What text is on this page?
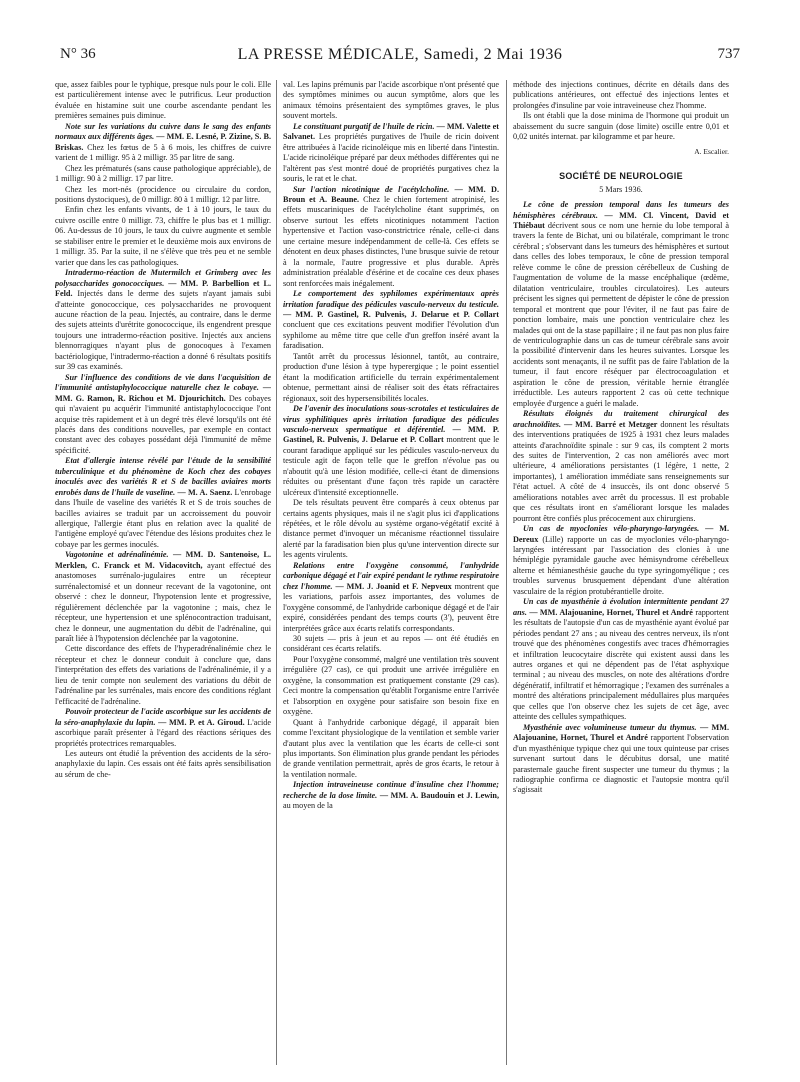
N° 36	LA PRESSE MÉDICALE, Samedi, 2 Mai 1936	737

que, assez faibles pour le typhique, presque nuls pour le coli. Elle est particulièrement intense avec le putrificus. Leur production évaluée en histamine suit une courbe ascendante pendant les premières semaines puis diminue.

Note sur les variations du cuivre dans le sang des enfants normaux aux différents âges. — MM. E. Lesné, P. Zizine, S. B. Briskas. Chez les fœtus de 5 à 6 mois, les chiffres de cuivre varient de 1 milligr. 95 à 2 milligr. 35 par litre de sang.

Chez les prématurés (sans cause pathologique appréciable), de 1 milligr. 90 à 2 milligr. 17 par litre.

Chez les mort-nés (procidence ou circulaire du cordon, positions dystociques), de 0 milligr. 80 à 1 milligr. 12 par litre.

Enfin chez les enfants vivants, de 1 à 10 jours, le taux du cuivre oscille entre 0 milligr. 73, chiffre le plus bas et 1 milligr. 06. Au-dessus de 10 jours, le taux du cuivre augmente et semble se stabiliser entre le premier et le deuxième mois aux environs de 1 milligr. 35. Par la suite, il ne s'élève que très peu et ne semble varier que dans les cas pathologiques.

Intradermo-réaction de Mutermilch et Grimberg avec les polysaccharides gonococciques. — MM. P. Barbellion et L. Feld. Injectés dans le derme des sujets n'ayant jamais subi d'atteinte gonococcique, ces polysaccharides ne provoquent aucune réaction de la peau. Injectés, au contraire, dans le derme des sujets atteints d'urétrite gonococcique, ils engendrent presque toujours une intradermo-réaction positive. Injectés aux anciens blennorragiques n'ayant plus de gonocoques à l'examen bactériologique, l'intradermo-réaction a donné 6 résultats positifs sur 39 cas examinés.

Sur l'influence des conditions de vie dans l'acquisition de l'immunité antistaphylococcique naturelle chez le cobaye. — MM. G. Ramon, R. Richou et M. Djourichitch. Des cobayes qui n'avaient pu acquérir l'immunité antistaphylococcique l'ont acquise très rapidement et à un degré très élevé lorsqu'ils ont été placés dans des conditions nouvelles, par exemple en contact constant avec des cobayes possédant déjà l'immunité de même spécificité.

Etat d'allergie intense révélé par l'étude de la sensibilité tuberculinique et du phénomène de Koch chez des cobayes inoculés avec des variétés R et S de bacilles aviaires morts enrobés dans de l'huile de vaseline. — M. A. Saenz. L'enrobage dans l'huile de vaseline des variétés R et S de trois souches de bacilles aviaires se traduit par un accroissement du pouvoir allergique, l'allergie étant plus en relation avec la qualité de l'antigène employé qu'avec l'étendue des lésions produites chez le cobaye par les germes inoculés.

Vagotonine et adrénalinémie. — MM. D. Santenoise, L. Merklen, C. Franck et M. Vidacovitch, ayant effectué des anastomoses surrénalo-jugulaires entre un récepteur surrénalectomisé et un donneur recevant de la vagotonine, ont observé : chez le donneur, l'hypotension lente et progressive, régulièrement déclenchée par la vagotonine ; mais, chez le récepteur, une hypertension et une splénocontraction traduisant, chez le donneur, une augmentation du débit de l'adrénaline, qui paraît liée à l'hypotension déclenchée par la vagotonine.

Cette discordance des effets de l'hyperadrénalinémie chez le récepteur et chez le donneur conduit à conclure que, dans l'interprétation des effets des variations de l'adrénalinémie, il y a lieu de tenir compte non seulement des variations du débit de l'adrénaline par les surrénales, mais encore des conditions réglant l'efficacité de l'adrénaline.

Pouvoir protecteur de l'acide ascorbique sur les accidents de la séro-anaphylaxie du lapin. — MM. P. et A. Giroud. L'acide ascorbique paraît présenter à l'égard des réactions sériques des propriétés protectrices remarquables.

Les auteurs ont étudié la prévention des accidents de la séro-anaphylaxie du lapin. Ces essais ont été faits après sensibilisation au sérum de che-

val. Les lapins prémunis par l'acide ascorbique n'ont présenté que des symptômes minimes ou aucun symptôme, alors que les animaux témoins présentaient des symptômes graves, le plus souvent mortels.

Le constituant purgatif de l'huile de ricin. — MM. Valette et Salvanet. Les propriétés purgatives de l'huile de ricin doivent être attribuées à l'acide ricinoléique mis en liberté dans l'intestin. L'acide ricinoléique préparé par deux méthodes différentes qui ne l'altèrent pas s'est montré doué de propriétés purgatives chez la souris, le rat et le chat.

Sur l'action nicotinique de l'acétylcholine. — MM. D. Broun et A. Beaune. Chez le chien fortement atropinisé, les effets muscariniques de l'acétylcholine étant supprimés, on observe surtout les effets nicotiniques notamment l'action hypertensive et l'action vaso-constrictrice rénale, celle-ci dans une certaine mesure indépendamment de celle-là. Ces effets se dénotent en deux phases distinctes, l'une brusque suivie de retour à la normale, l'autre progressive et plus durable. Après administration préalable d'ésérine et de cocaïne ces deux phases sont renforcées mais inégalement.

Le comportement des syphilomes expérimentaux après irritation faradique des pédicules vasculo-nerveux du testicule. — MM. P. Gastinel, R. Pulvenis, J. Delarue et P. Collart concluent que ces excitations peuvent modifier l'évolution d'un syphilome au même titre que celle d'un greffon inséré avant la faradisation.

Tantôt arrêt du processus lésionnel, tantôt, au contraire, production d'une lésion à type hyperergique ; le point essentiel étant la modification artificielle du terrain expérimentalement obtenue, permettant ainsi de réaliser soit des états réfractaires régionaux, soit des hypersensibilités locales.

De l'avenir des inoculations sous-scrotales et testiculaires de virus syphilitiques après irritation faradique des pédicules vasculo-nerveux spermatique et déférentiel. — MM. P. Gastinel, R. Pulvenis, J. Delarue et P. Collart montrent que le courant faradique appliqué sur les pédicules vasculo-nerveux du testicule agit de façon telle que le greffon n'évolue pas ou n'aboutit qu'à une lésion modifiée, celle-ci étant de dimensions réduites ou présentant d'une façon très rapide un caractère ulcéreux d'intensité exceptionnelle.

De tels résultats peuvent être comparés à ceux obtenus par certains agents physiques, mais il ne s'agit plus ici d'applications répétées, et le rôle dévolu au système organo-végétatif excité à distance permet d'invoquer un mécanisme réactionnel tissulaire alerté par la faradisation bien plus qu'une intervention directe sur les agents virulents.

Relations entre l'oxygène consommé, l'anhydride carbonique dégagé et l'air expiré pendant le rythme respiratoire chez l'homme. — MM. J. Joanid et F. Nepveux montrent que les variations, parfois assez importantes, des volumes de l'oxygène consommé, de l'anhydride carbonique dégagé et de l'air expiré, considérées pendant des temps courts (3'), peuvent être interprétées grâce aux écarts relatifs correspondants.

30 sujets — pris à jeun et au repos — ont été étudiés en considérant ces écarts relatifs.

Pour l'oxygène consommé, malgré une ventilation très souvent irrégulière (27 cas), ce qui produit une arrivée irrégulière en oxygène, la consommation est pratiquement constante (29 cas). Ceci montre la compensation qu'établit l'organisme entre l'arrivée et l'absorption en oxygène pour satisfaire son besoin fixe en oxygène.

Quant à l'anhydride carbonique dégagé, il apparaît bien comme l'excitant physiologique de la ventilation et semble varier d'autant plus avec la ventilation que les écarts de celle-ci sont plus importants. Son élimination plus grande pendant les périodes de grande ventilation permettrait, après de gros écarts, le retour à la ventilation normale.

Injection intraveineuse continue d'insuline chez l'homme; recherche de la dose limite. — MM. A. Baudouin et J. Lewin, au moyen de la

méthode des injections continues, décrite en détails dans des publications antérieures, ont effectué des injections lentes et prolongées d'insuline par voie intraveineuse chez l'homme.

Ils ont établi que la dose minima de l'hormone qui produit un abaissement du sucre sanguin (dose limite) oscille entre 0,01 et 0,02 unités internat. par kilogramme et par heure.

A. Escalier.
SOCIÉTÉ DE NEUROLOGIE
5 Mars 1936.

Le cône de pression temporal dans les tumeurs des hémisphères cérébraux. — MM. Cl. Vincent, David et Thiébaut décrivent sous ce nom une hernie du lobe temporal à travers la fente de Bichat, uni ou bilatérale, comprimant le tronc cérébral ; s'observant dans les tumeurs des hémisphères et surtout dans celles des lobes temporaux, le cône de pression temporal relève comme le cône de pression cérébelleux de Cushing de l'augmentation de volume de la masse encéphalique (œdème, dilatation ventriculaire, troubles circulatoires). Les auteurs précisent les signes qui permettent de dépister le cône de pression temporal et montrent que pour l'éviter, il ne faut pas faire de ponction lombaire, mais une ponction ventriculaire chez les malades qui ont de la stase papillaire ; il ne faut pas non plus faire de ventriculographie dans un cas de tumeur cérébrale sans avoir la possibilité d'intervenir dans les heures suivantes. Lorsque les accidents sont menaçants, il ne suffit pas de faire l'ablation de la tumeur, il faut encore réséquer par électrocoagulation et aspiration le cône de pression, véritable hernie étranglée irréductible. Les auteurs rapportent 2 cas où cette technique employée d'urgence a guéri le malade.

Résultats éloignés du traitement chirurgical des arachnoïdites. — MM. Barré et Metzger donnent les résultats des interventions pratiquées de 1925 à 1931 chez leurs malades atteints d'arachnoïdite spinale : sur 9 cas, ils comptent 2 morts des suites de l'intervention, 2 cas non améliorés avec mort ultérieure, 4 améliorations persistantes (1 légère, 1 nette, 2 importantes), 1 amélioration immédiate sans renseignements sur l'état actuel. A côté de 4 insuccès, ils ont donc observé 5 améliorations notables avec arrêt du processus. Il est probable que ces résultats iront en s'améliorant lorsque les malades pourront être confiés plus précocement aux chirurgiens.

Un cas de myoclonies vélo-pharyngo-laryngées. — M. Dereux (Lille) rapporte un cas de myoclonies vélo-pharyngo-laryngées intéressant par l'association des clonies à une hémiplégie pyramidale gauche avec hémisyndrome cérébelleux alterne et hémianesthésie gauche du type syringomyélique ; ces troubles survenus brusquement dépendant d'une altération vasculaire de la région protubérantielle droite.

Un cas de myasthénie à évolution intermittente pendant 27 ans. — MM. Alajouanine, Hornet, Thurel et André rapportent les résultats de l'autopsie d'un cas de myasthénie ayant évolué par périodes pendant 27 ans ; au niveau des centres nerveux, ils n'ont trouvé que des phénomènes congestifs avec traces d'hémorragies et infiltration leucocytaire discrète qui existent aussi dans les autres organes et qui ne dépendent pas de l'état asphyxique terminal ; au niveau des muscles, on note des altérations d'ordre dégénératif, infiltratif et hémorragique ; l'examen des surrénales a montré des altérations principalement médullaires plus marquées que celles que l'on observe chez les sujets de cet âge, avec atteinte des cellules sympathiques.

Myasthénie avec volumineuse tumeur du thymus. — MM. Alajouanine, Hornet, Thurel et André rapportent l'observation d'un myasthénique typique chez qui une toux quinteuse par crises survenant surtout dans le décubitus dorsal, une matité parasternale gauche firent suspecter une tumeur du thymus ; la radiographie confirma ce diagnostic et l'autopsie montra qu'il s'agissait
